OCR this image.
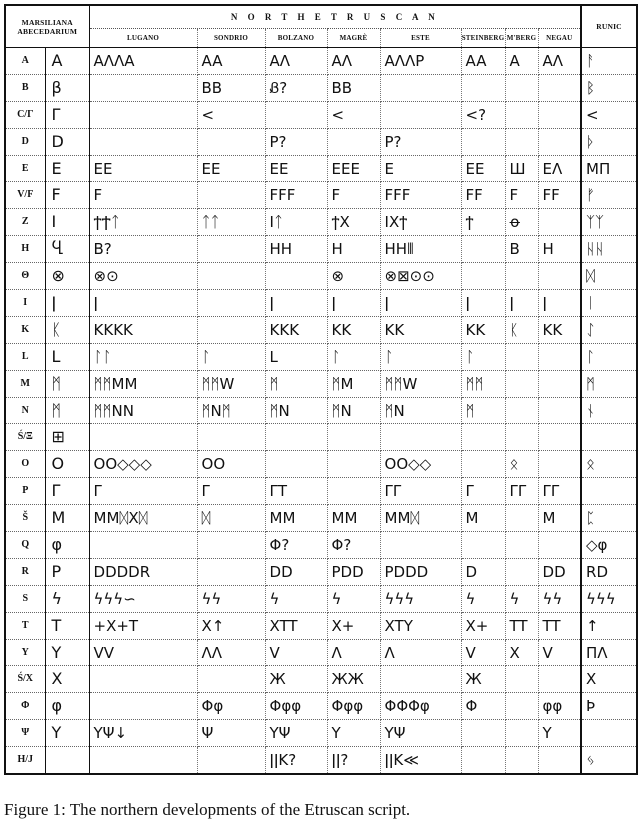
MARSILIANA
ABECEDARIUM		N O R T H E T R U S C A N								RUNIC
		LUGANO	SONDRIO	BOLZANO	MAGRÈ	ESTE	STEINBERG	M'BERG	NEGAU	
A	A	ΑΛΛΑ	AA	ΑΛ	ΑΛ	ΑΛΛΡ	AA	A	ΑΛ	ᚨ
B	β		ΒΒ	Ᏸ?	ΒΒ					ᛒ
C/Γ	Γ		<		<		<?			<
D	D			Ρ?		Ρ?				ᚦ
E	Ε	ΕΕ	ΕΕ	ΕΕ	ΕΕΕ	Ε	ΕΕ	Ш	ΕΛ	ΜΠ
V/F	Ϝ	Ϝ		ϜϜϜ	Ϝ	ϜϜϜ	ϜϜ	Ϝ	ϜϜ	ᚠ
Z	I	ϯϮᛏ	ᛏᛏ	Iᛏ	ϯΧ	IΧϯ	ϯ	ꝋ		ᛉᛉ
H	Ⴁ	Β?		ΗΗ	Η	ΗΗ⦀		Β	Η	ᚺᚺ
Θ	⊗	⊗⊙			⊗	⊗⊠⊙⊙				ᛞ
I	ǀ	ǀ		ǀ	ǀ	ǀ	ǀ	ǀ	ǀ	ᛁ
K	ᛕ	ΚΚΚΚ		ΚΚΚ	ΚΚ	ΚΚ	ΚΚ	ᛕ	ΚΚ	ᛇ
L	L	ᛚᛚ	ᛚ	L	ᛚ	ᛚ	ᛚ			ᛚ
M	ᛗ	ᛗᛗΜΜ	ᛗᛗW	ᛗ	ᛗΜ	ᛗᛗW	ᛗᛗ			ᛗ
N	ᛗ	ᛗᛗΝΝ	ᛗΝᛗ	ᛗΝ	ᛗΝ	ᛗΝ	ᛗ			ᚾ
Ś/Ξ	⊞									
O	O	OO◇◇◇	OO			OO◇◇		ᛟ		ᛟ
P	Γ	Γ	Γ	ΓΤ		ΓΓ	Γ	ΓΓ	ΓΓ	
Š	M	ΜΜᛞΧᛞ	ᛞ	ΜΜ	ΜΜ	ΜΜᛞ	Μ		Μ	ᛈ
Q	φ			Φ?	Φ?					◇φ
R	Ρ	DDDDR		DD	ΡDD	ΡDDD	D		DD	RD
S	ϟ	ϟϟϟ∽	ϟϟ	ϟ	ϟ	ϟϟϟ	ϟ	ϟ	ϟϟ	ϟϟϟ
T	Τ	+X+T	X↑	XTT	X+	XTY	X+	TT	TT	↑
Y	Y	VV	ΛΛ	V	Λ	Λ	V	X	V	ΠΛ
Ś/X	X			Ж	ЖЖ		Ж			X
Φ	φ		Φφ	Φφφ	Φφφ	ΦΦΦφ	Φ		φφ	Þ
Ψ	Y	YΨ↓	Ψ	YΨ	Y	YΨ			Y	
H/J				ǀǀK?	ǀǀ?	ǀǀK≪				ᛃ
Figure 1: The northern developments of the Etruscan script.
